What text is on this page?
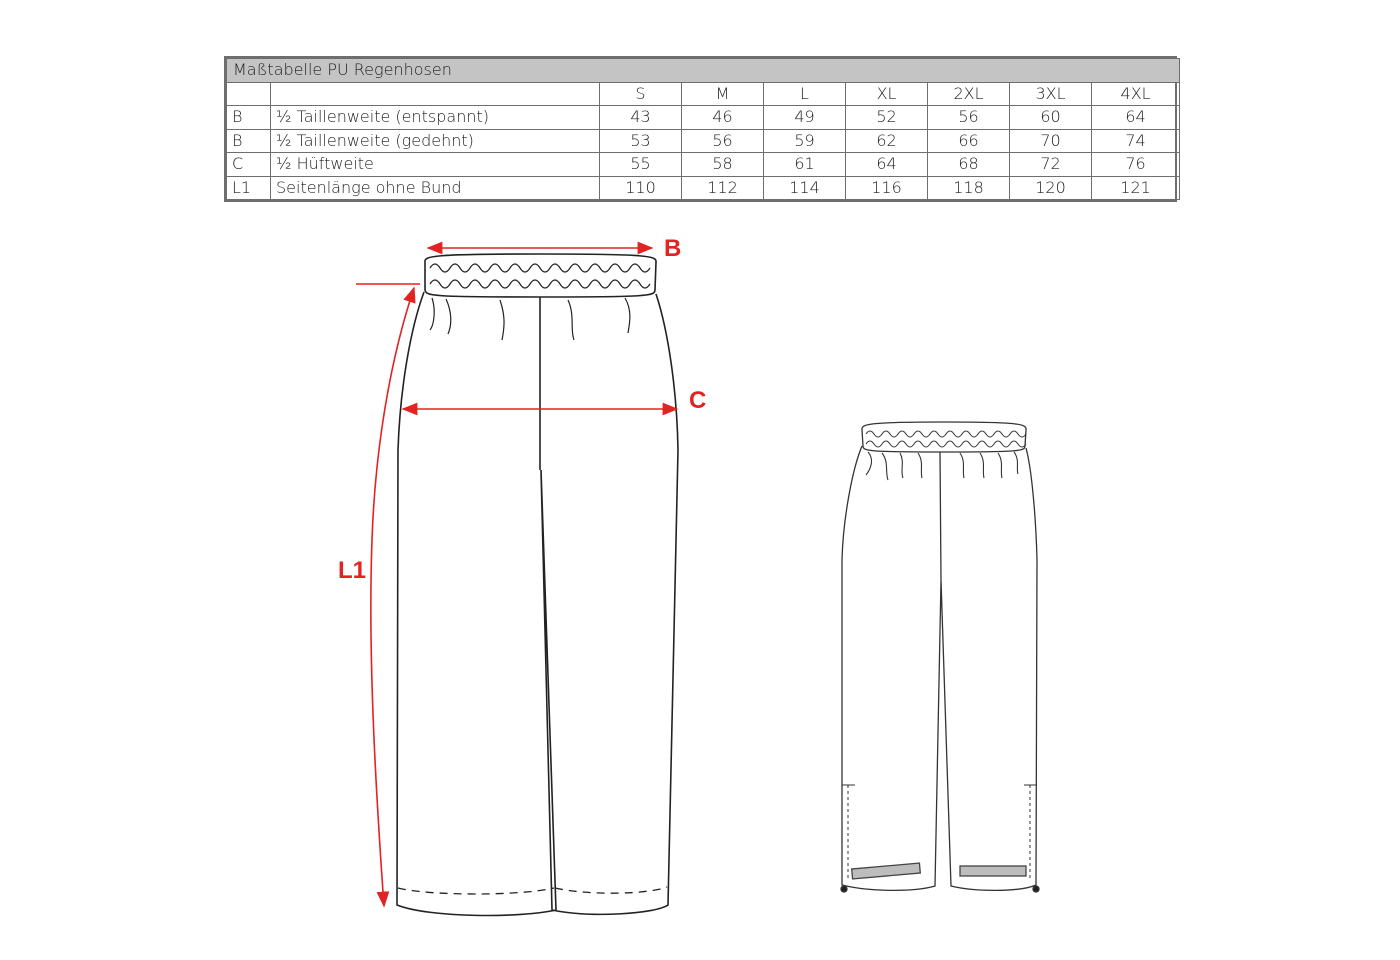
Maßtabelle PU Regenhosen								
		S	M	L	XL	2XL	3XL	4XL
B	½ Taillenweite (entspannt)	43	46	49	52	56	60	64
B	½ Taillenweite (gedehnt)	53	56	59	62	66	70	74
C	½ Hüftweite	55	58	61	64	68	72	76
L1	Seitenlänge ohne Bund	110	112	114	116	118	120	121
B
C
L1
